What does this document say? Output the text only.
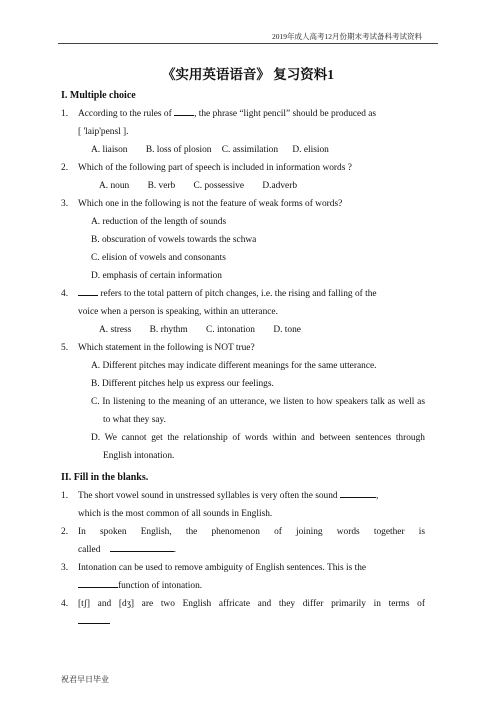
2019年成人高考12月份期末考试备科考试资料
《实用英语语音》 复习资料1
I. Multiple choice
1.	According to the rules of , the phrase “light pencil” should be produced as
[ 'laip'pensl ].
A. liaison B. loss of plosion C. assimilation D. elision
2.	Which of the following part of speech is included in information words ?
A. noun B. verb C. possessive D.adverb
3.	Which one in the following is not the feature of weak forms of words?
A. reduction of the length of sounds
B. obscuration of vowels towards the schwa
C. elision of vowels and consonants
D. emphasis of certain information
4.	refers to the total pattern of pitch changes, i.e. the rising and falling of the
voice when a person is speaking, within an utterance.
A. stress B. rhythm C. intonation D. tone
5.	Which statement in the following is NOT true?
A. Different pitches may indicate different meanings for the same utterance.
B. Different pitches help us express our feelings.
C. In listening to the meaning of an utterance, we listen to how speakers talk as well as to what they say.
D. We cannot get the relationship of words within and between sentences through English intonation.
II. Fill in the blanks.
1.	The short vowel sound in unstressed syllables is very often the sound	,
which is the most common of all sounds in English.
2.	In spoken English, the phenomenon of joining words together is
called	.
3.	Intonation can be used to remove ambiguity of English sentences. This is the
function of intonation.
4.	[tʃ] and [dʒ] are two English affricate and they differ primarily in terms of
祝君早日毕业
